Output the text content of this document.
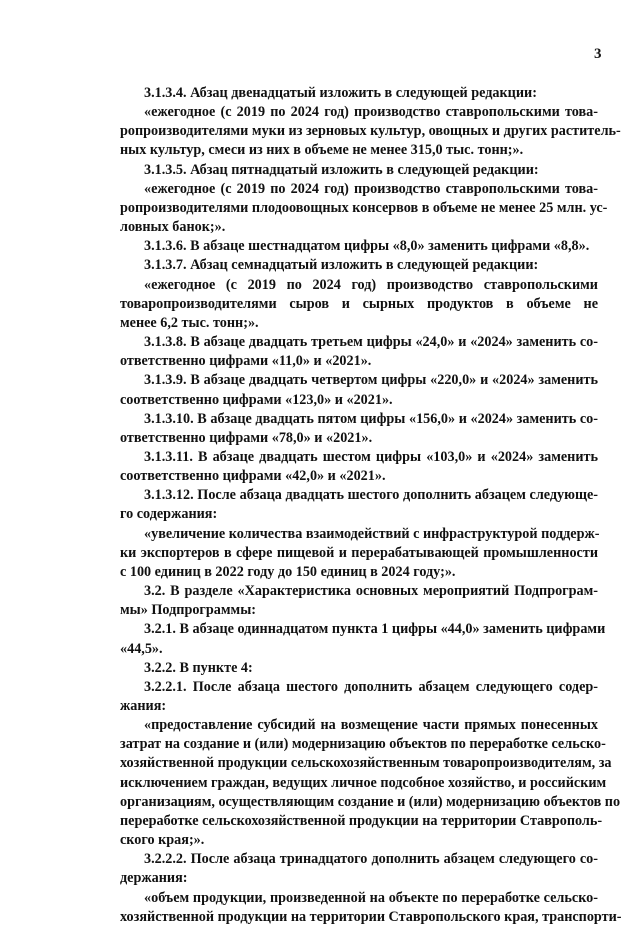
3
3.1.3.4. Абзац двенадцатый изложить в следующей редакции:
«ежегодное (с 2019 по 2024 год) производство ставропольскими това-
ропроизводителями муки из зерновых культур, овощных и других раститель-
ных культур, смеси из них в объеме не менее 315,0 тыс. тонн;».
3.1.3.5. Абзац пятнадцатый изложить в следующей редакции:
«ежегодное (с 2019 по 2024 год) производство ставропольскими това-
ропроизводителями плодоовощных консервов в объеме не менее 25 млн. ус-
ловных банок;».
3.1.3.6. В абзаце шестнадцатом цифры «8,0» заменить цифрами «8,8».
3.1.3.7. Абзац семнадцатый изложить в следующей редакции:
«ежегодное (с 2019 по 2024 год) производство ставропольскими
товаропроизводителями сыров и сырных продуктов в объеме не
менее 6,2 тыс. тонн;».
3.1.3.8. В абзаце двадцать третьем цифры «24,0» и «2024» заменить со-
ответственно цифрами «11,0» и «2021».
3.1.3.9. В абзаце двадцать четвертом цифры «220,0» и «2024» заменить
соответственно цифрами «123,0» и «2021».
3.1.3.10. В абзаце двадцать пятом цифры «156,0» и «2024» заменить со-
ответственно цифрами «78,0» и «2021».
3.1.3.11. В абзаце двадцать шестом цифры «103,0» и «2024» заменить
соответственно цифрами «42,0» и «2021».
3.1.3.12. После абзаца двадцать шестого дополнить абзацем следующе-
го содержания:
«увеличение количества взаимодействий с инфраструктурой поддерж-
ки экспортеров в сфере пищевой и перерабатывающей промышленности
с 100 единиц в 2022 году до 150 единиц в 2024 году;».
3.2. В разделе «Характеристика основных мероприятий Подпрограм-
мы» Подпрограммы:
3.2.1. В абзаце одиннадцатом пункта 1 цифры «44,0» заменить цифрами
«44,5».
3.2.2. В пункте 4:
3.2.2.1. После абзаца шестого дополнить абзацем следующего содер-
жания:
«предоставление субсидий на возмещение части прямых понесенных
затрат на создание и (или) модернизацию объектов по переработке сельско-
хозяйственной продукции сельскохозяйственным товаропроизводителям, за
исключением граждан, ведущих личное подсобное хозяйство, и российским
организациям, осуществляющим создание и (или) модернизацию объектов по
переработке сельскохозяйственной продукции на территории Ставрополь-
ского края;».
3.2.2.2. После абзаца тринадцатого дополнить абзацем следующего со-
держания:
«объем продукции, произведенной на объекте по переработке сельско-
хозяйственной продукции на территории Ставропольского края, транспорти-
